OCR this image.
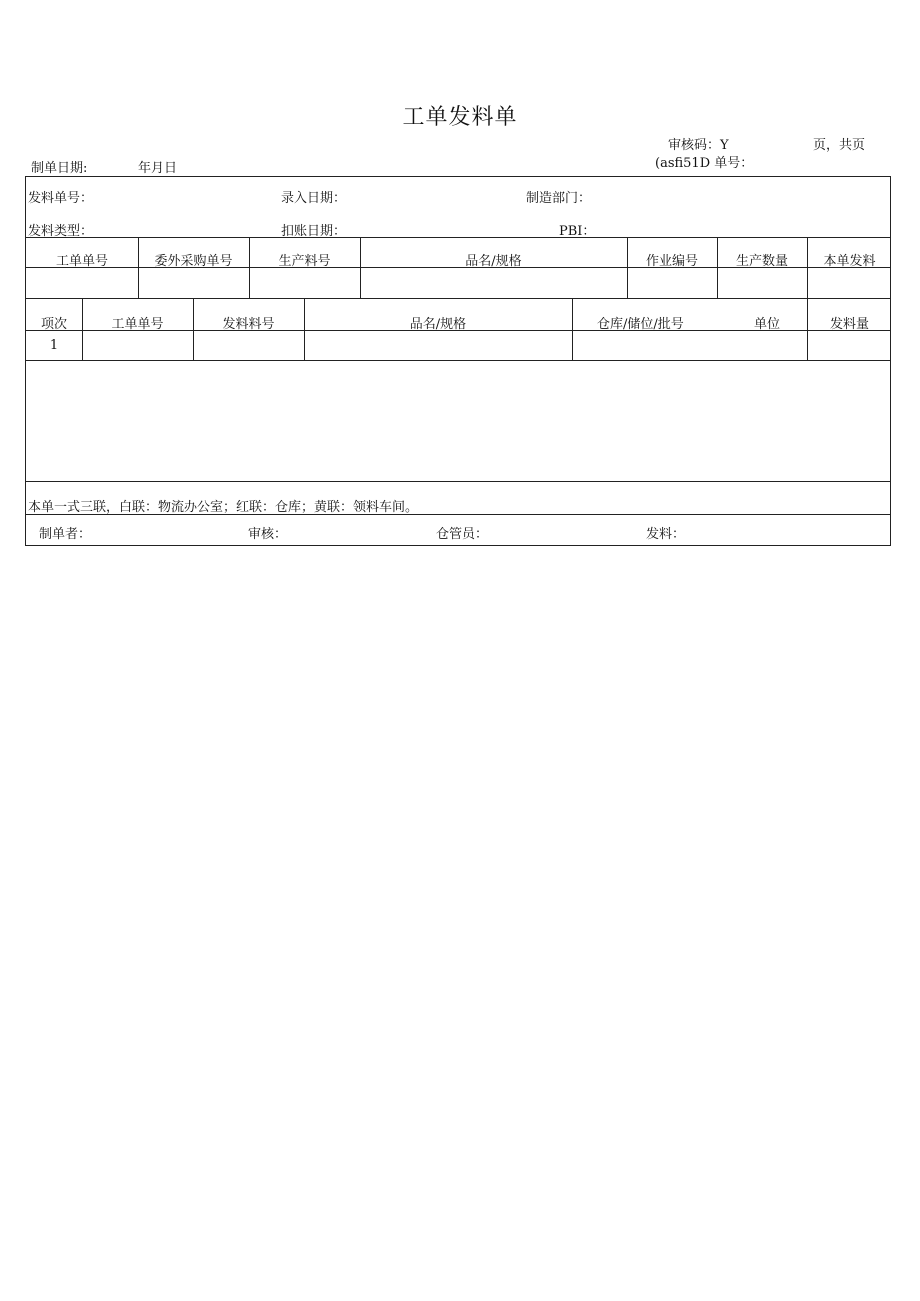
工单发料单
审核码：Y	页，共页
(asfi51D 单号：
制单日期:	年月日
发料单号：	录入日期：	制造部门：
发料类型：	扣账日期：	PBI：
工单单号	委外采购单号	生产料号	品名/规格	作业编号	生产数量	本单发料
项次	工单单号	发料料号	品名/规格	仓库/储位/批号	单位	发料量
1
本单一式三联，白联：物流办公室；红联：仓库；黄联：领料车间。
制单者：	审核：	仓管员：	发料：
